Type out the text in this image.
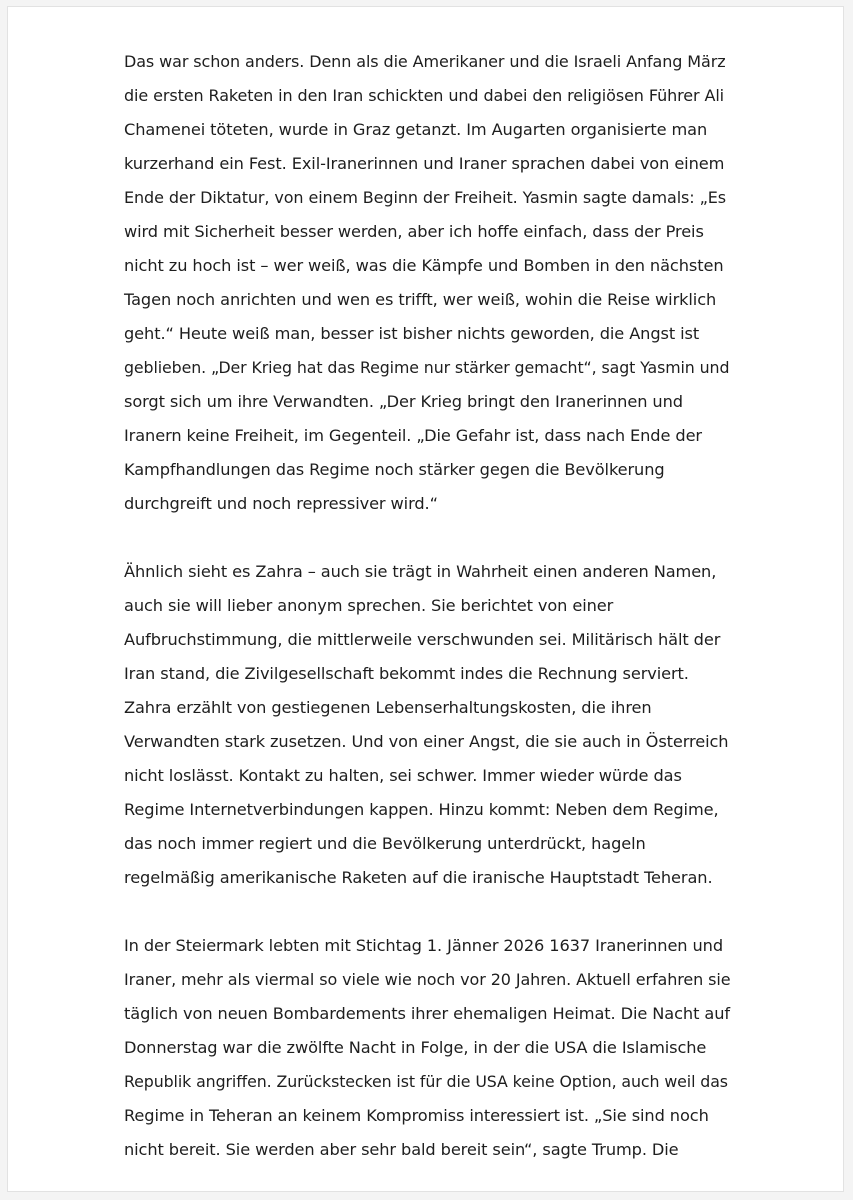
Das war schon anders. Denn als die Amerikaner und die Israeli Anfang März
die ersten Raketen in den Iran schickten und dabei den religiösen Führer Ali
Chamenei töteten, wurde in Graz getanzt. Im Augarten organisierte man
kurzerhand ein Fest. Exil-Iranerinnen und Iraner sprachen dabei von einem
Ende der Diktatur, von einem Beginn der Freiheit. Yasmin sagte damals: „Es
wird mit Sicherheit besser werden, aber ich hoffe einfach, dass der Preis
nicht zu hoch ist – wer weiß, was die Kämpfe und Bomben in den nächsten
Tagen noch anrichten und wen es trifft, wer weiß, wohin die Reise wirklich
geht.“ Heute weiß man, besser ist bisher nichts geworden, die Angst ist
geblieben. „Der Krieg hat das Regime nur stärker gemacht“, sagt Yasmin und
sorgt sich um ihre Verwandten. „Der Krieg bringt den Iranerinnen und
Iranern keine Freiheit, im Gegenteil. „Die Gefahr ist, dass nach Ende der
Kampfhandlungen das Regime noch stärker gegen die Bevölkerung
durchgreift und noch repressiver wird.“

Ähnlich sieht es Zahra – auch sie trägt in Wahrheit einen anderen Namen,
auch sie will lieber anonym sprechen. Sie berichtet von einer
Aufbruchstimmung, die mittlerweile verschwunden sei. Militärisch hält der
Iran stand, die Zivilgesellschaft bekommt indes die Rechnung serviert.
Zahra erzählt von gestiegenen Lebenserhaltungskosten, die ihren
Verwandten stark zusetzen. Und von einer Angst, die sie auch in Österreich
nicht loslässt. Kontakt zu halten, sei schwer. Immer wieder würde das
Regime Internetverbindungen kappen. Hinzu kommt: Neben dem Regime,
das noch immer regiert und die Bevölkerung unterdrückt, hageln
regelmäßig amerikanische Raketen auf die iranische Hauptstadt Teheran.

In der Steiermark lebten mit Stichtag 1. Jänner 2026 1637 Iranerinnen und
Iraner, mehr als viermal so viele wie noch vor 20 Jahren. Aktuell erfahren sie
täglich von neuen Bombardements ihrer ehemaligen Heimat. Die Nacht auf
Donnerstag war die zwölfte Nacht in Folge, in der die USA die Islamische
Republik angriffen. Zurückstecken ist für die USA keine Option, auch weil das
Regime in Teheran an keinem Kompromiss interessiert ist. „Sie sind noch
nicht bereit. Sie werden aber sehr bald bereit sein“, sagte Trump. Die
